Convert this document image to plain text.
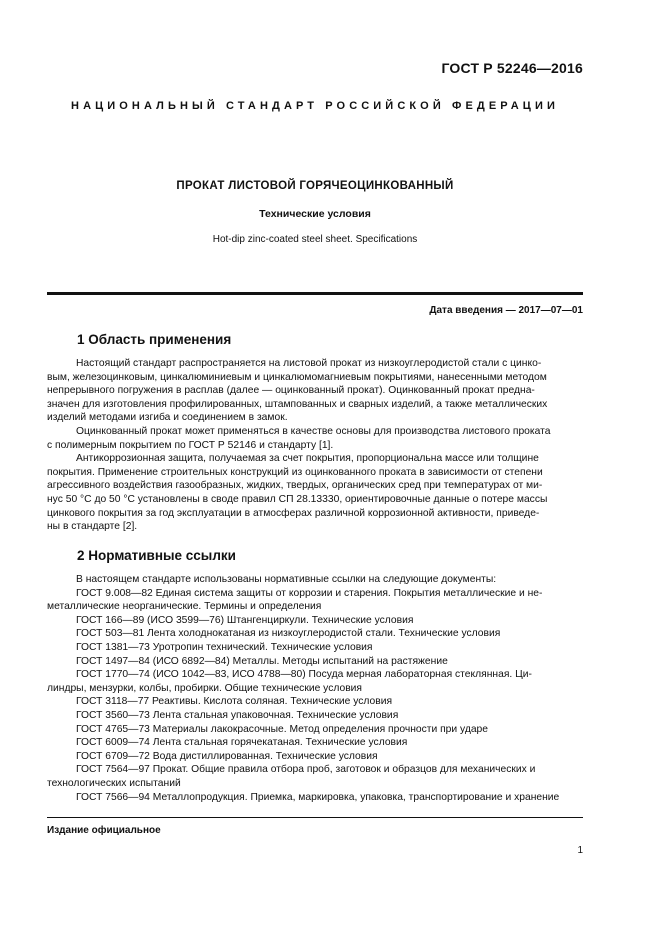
ГОСТ Р 52246—2016
НАЦИОНАЛЬНЫЙ СТАНДАРТ РОССИЙСКОЙ ФЕДЕРАЦИИ
ПРОКАТ ЛИСТОВОЙ ГОРЯЧЕОЦИНКОВАННЫЙ
Технические условия
Hot-dip zinc-coated steel sheet. Specifications
Дата введения — 2017—07—01
1 Область применения
Настоящий стандарт распространяется на листовой прокат из низкоуглеродистой стали с цинко-
вым, железоцинковым, цинкалюминиевым и цинкалюмомагниевым покрытиями, нанесенными методом
непрерывного погружения в расплав (далее — оцинкованный прокат). Оцинкованный прокат предна-
значен для изготовления профилированных, штампованных и сварных изделий, а также металлических
изделий методами изгиба и соединением в замок.
Оцинкованный прокат может применяться в качестве основы для производства листового проката
с полимерным покрытием по ГОСТ Р 52146 и стандарту [1].
Антикоррозионная защита, получаемая за счет покрытия, пропорциональна массе или толщине
покрытия. Применение строительных конструкций из оцинкованного проката в зависимости от степени
агрессивного воздействия газообразных, жидких, твердых, органических сред при температурах от ми-
нус 50 °С до 50 °С установлены в своде правил СП 28.13330, ориентировочные данные о потере массы
цинкового покрытия за год эксплуатации в атмосферах различной коррозионной активности, приведе-
ны в стандарте [2].
2 Нормативные ссылки
В настоящем стандарте использованы нормативные ссылки на следующие документы:
ГОСТ 9.008—82 Единая система защиты от коррозии и старения. Покрытия металлические и не-
металлические неорганические. Термины и определения
ГОСТ 166—89 (ИСО 3599—76) Штангенциркули. Технические условия
ГОСТ 503—81 Лента холоднокатаная из низкоуглеродистой стали. Технические условия
ГОСТ 1381—73 Уротропин технический. Технические условия
ГОСТ 1497—84 (ИСО 6892—84) Металлы. Методы испытаний на растяжение
ГОСТ 1770—74 (ИСО 1042—83, ИСО 4788—80) Посуда мерная лабораторная стеклянная. Ци-
линдры, мензурки, колбы, пробирки. Общие технические условия
ГОСТ 3118—77 Реактивы. Кислота соляная. Технические условия
ГОСТ 3560—73 Лента стальная упаковочная. Технические условия
ГОСТ 4765—73 Материалы лакокрасочные. Метод определения прочности при ударе
ГОСТ 6009—74 Лента стальная горячекатаная. Технические условия
ГОСТ 6709—72 Вода дистиллированная. Технические условия
ГОСТ 7564—97 Прокат. Общие правила отбора проб, заготовок и образцов для механических и
технологических испытаний
ГОСТ 7566—94 Металлопродукция. Приемка, маркировка, упаковка, транспортирование и хранение
Издание официальное
1
